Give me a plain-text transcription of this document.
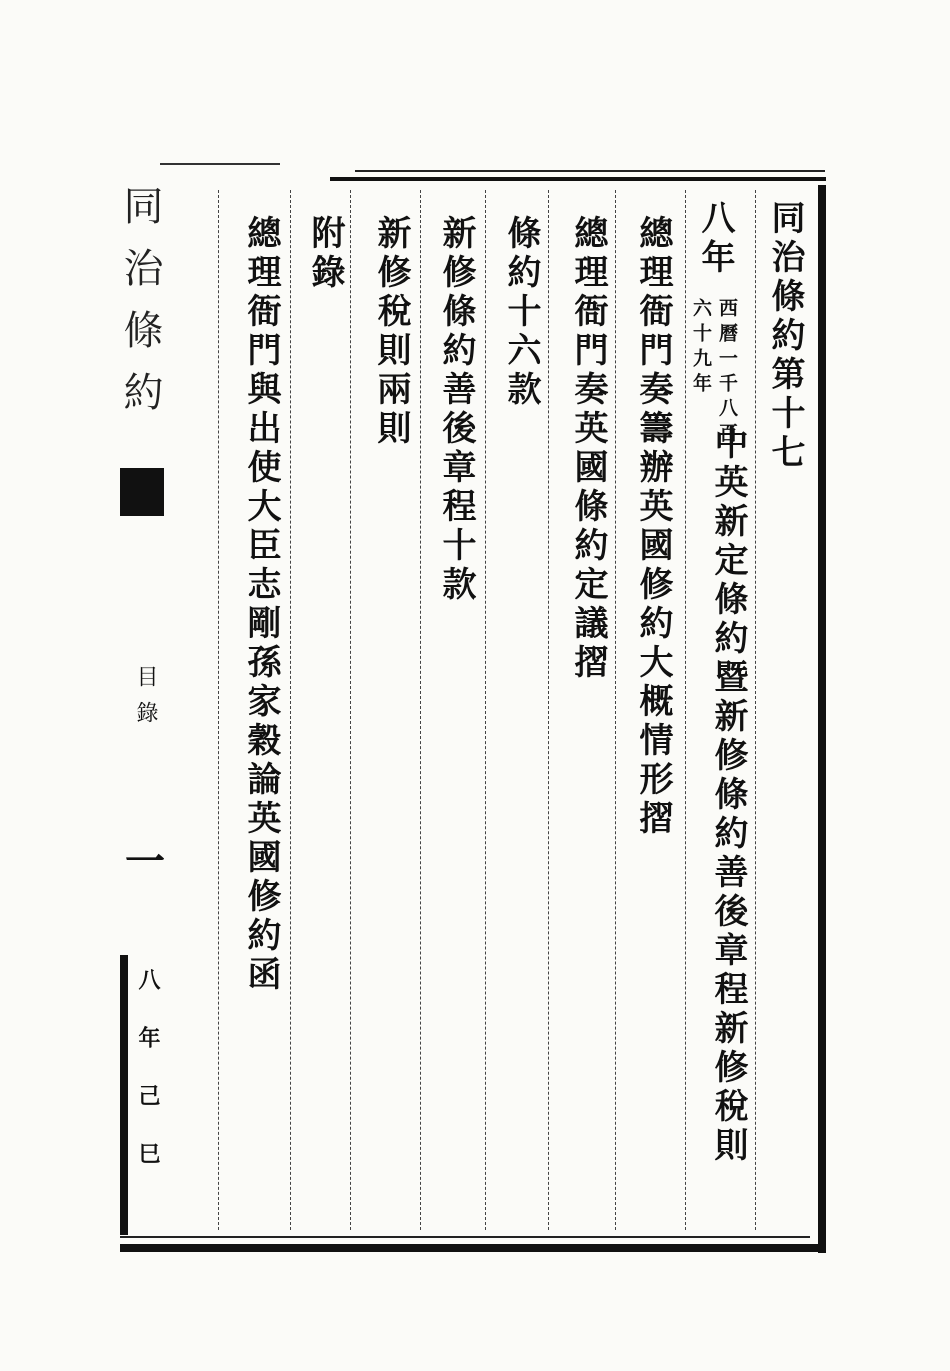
同治條約
目錄
一
八年己巳
同治條約第十七
八年
西曆一千八百
六十九年
中英新定條約暨新修條約善後章程新修稅則
總理衙門奏籌辦英國修約大概情形摺
總理衙門奏英國條約定議摺
條約十六款
新修條約善後章程十款
新修稅則兩則
附錄
總理衙門與出使大臣志剛孫家穀論英國修約函
